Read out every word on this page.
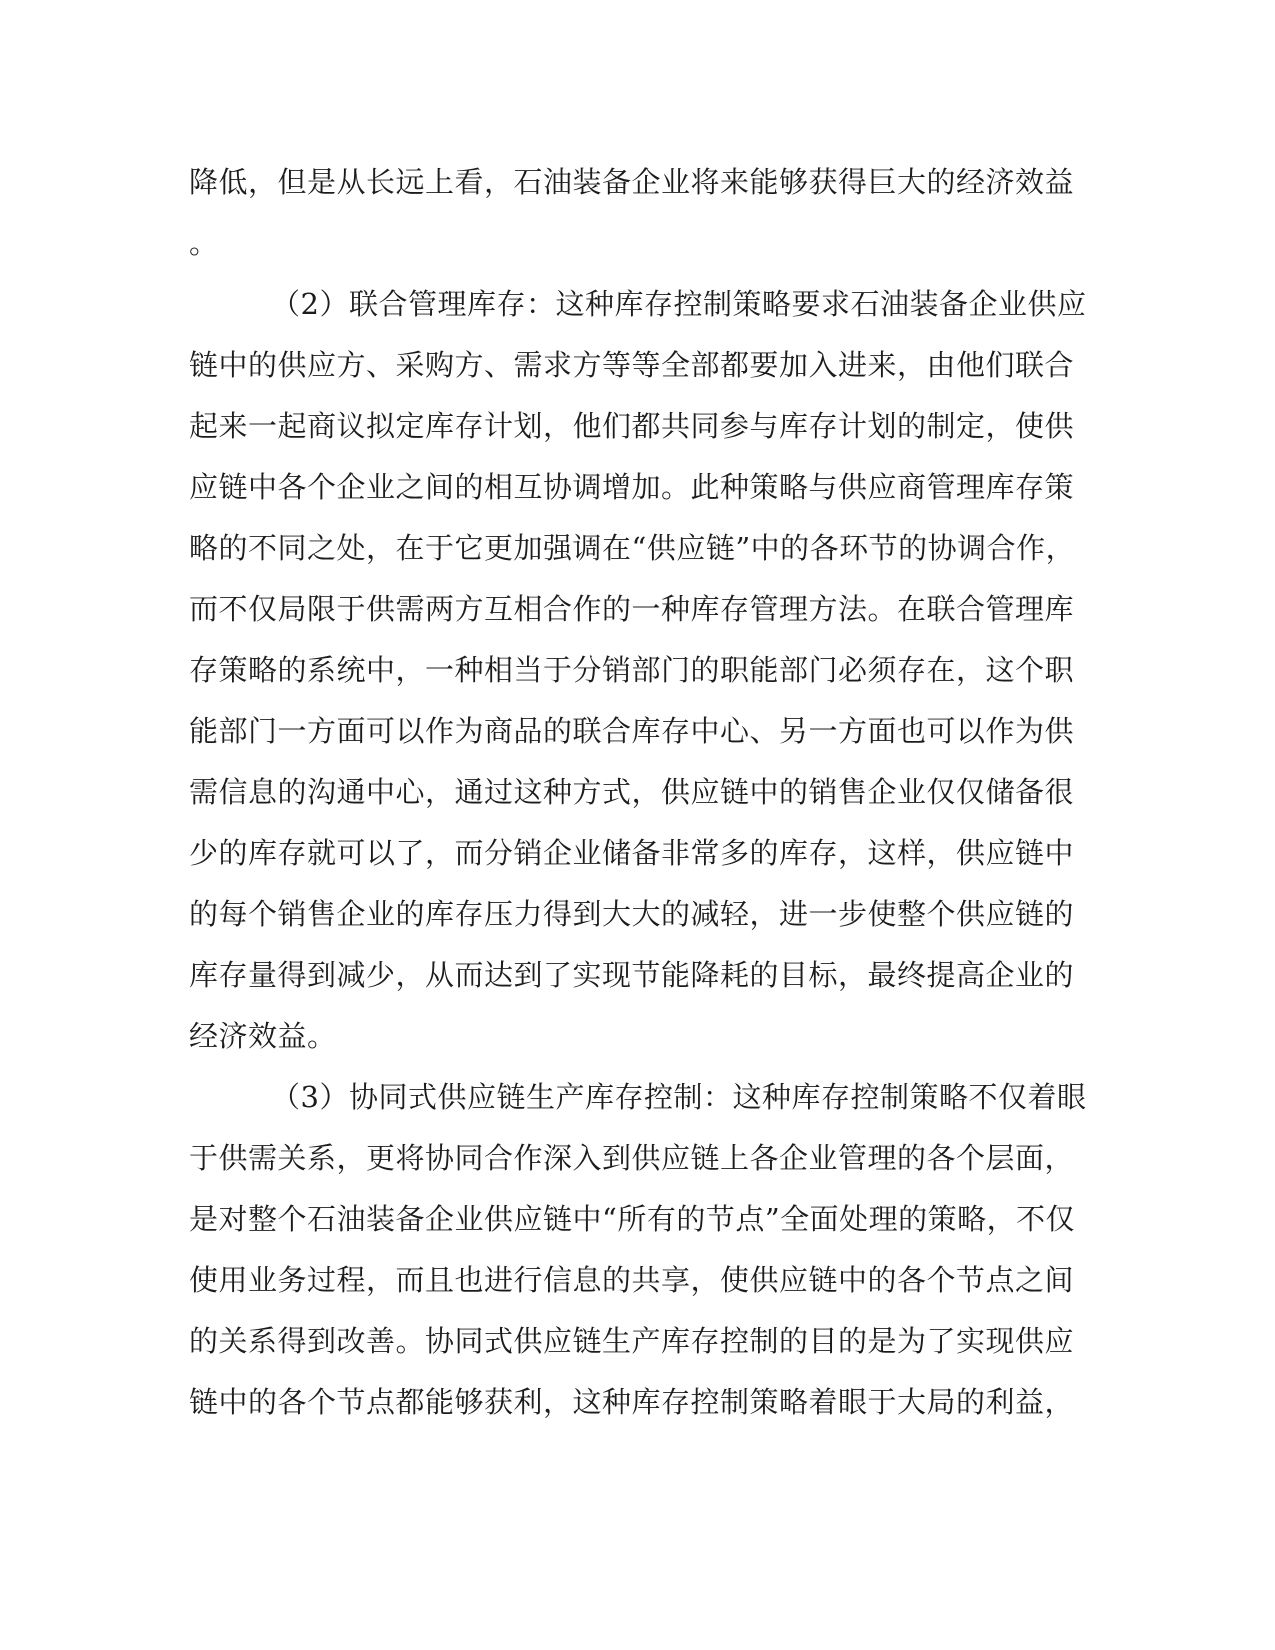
降低，但是从长远上看，石油装备企业将来能够获得巨大的经济效益
。
（2）联合管理库存：这种库存控制策略要求石油装备企业供应
链中的供应方、采购方、需求方等等全部都要加入进来，由他们联合
起来一起商议拟定库存计划，他们都共同参与库存计划的制定，使供
应链中各个企业之间的相互协调增加。此种策略与供应商管理库存策
略的不同之处，在于它更加强调在“供应链”中的各环节的协调合作，
而不仅局限于供需两方互相合作的一种库存管理方法。在联合管理库
存策略的系统中，一种相当于分销部门的职能部门必须存在，这个职
能部门一方面可以作为商品的联合库存中心、另一方面也可以作为供
需信息的沟通中心，通过这种方式，供应链中的销售企业仅仅储备很
少的库存就可以了，而分销企业储备非常多的库存，这样，供应链中
的每个销售企业的库存压力得到大大的减轻，进一步使整个供应链的
库存量得到减少，从而达到了实现节能降耗的目标，最终提高企业的
经济效益。
（3）协同式供应链生产库存控制：这种库存控制策略不仅着眼
于供需关系，更将协同合作深入到供应链上各企业管理的各个层面，
是对整个石油装备企业供应链中“所有的节点”全面处理的策略，不仅
使用业务过程，而且也进行信息的共享，使供应链中的各个节点之间
的关系得到改善。协同式供应链生产库存控制的目的是为了实现供应
链中的各个节点都能够获利，这种库存控制策略着眼于大局的利益，
